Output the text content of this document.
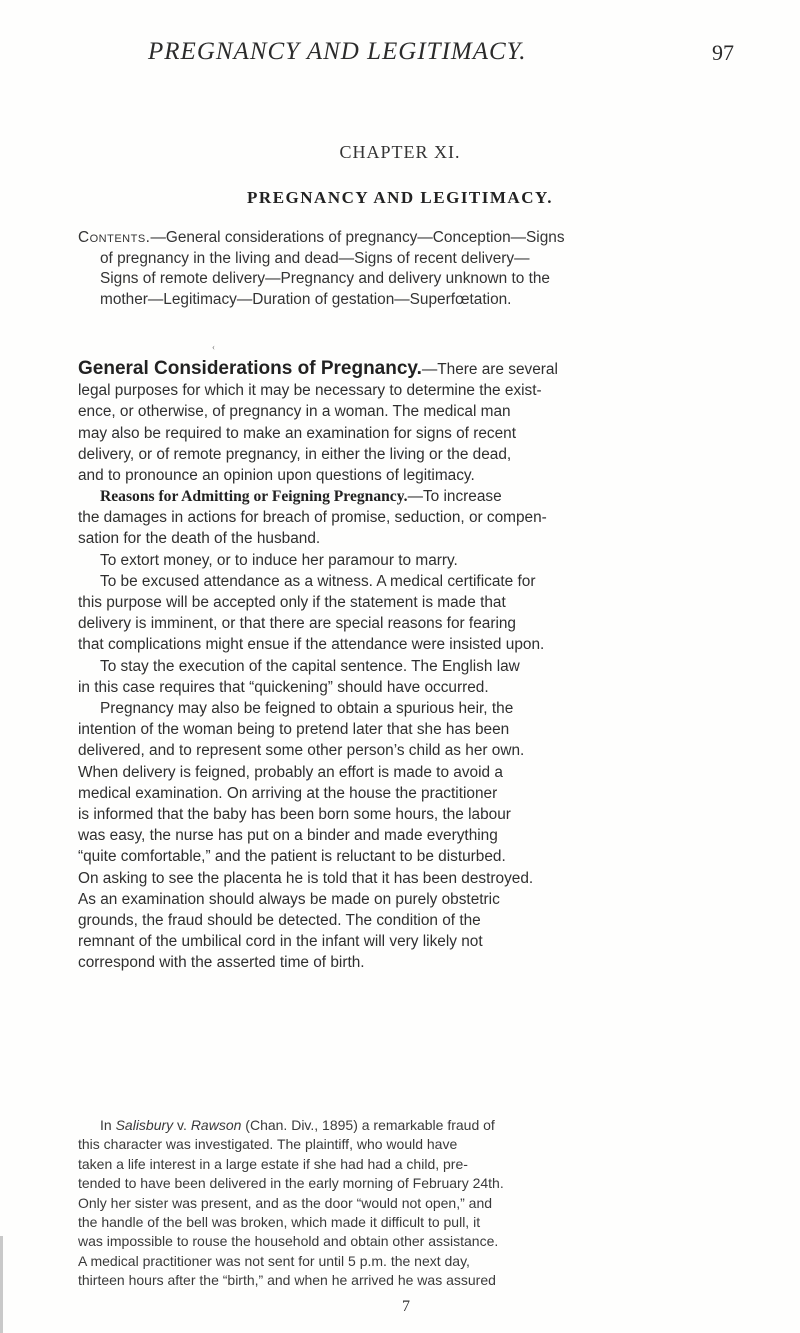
PREGNANCY AND LEGITIMACY.	97
CHAPTER XI.
PREGNANCY AND LEGITIMACY.
Contents.—General considerations of pregnancy—Conception—Signs
of pregnancy in the living and dead—Signs of recent delivery—
Signs of remote delivery—Pregnancy and delivery unknown to the
mother—Legitimacy—Duration of gestation—Superfœtation.
‹
General Considerations of Pregnancy.—There are several
legal purposes for which it may be necessary to determine the exist-
ence, or otherwise, of pregnancy in a woman. The medical man
may also be required to make an examination for signs of recent
delivery, or of remote pregnancy, in either the living or the dead,
and to pronounce an opinion upon questions of legitimacy.
Reasons for Admitting or Feigning Pregnancy.—To increase
the damages in actions for breach of promise, seduction, or compen-
sation for the death of the husband.
To extort money, or to induce her paramour to marry.
To be excused attendance as a witness. A medical certificate for
this purpose will be accepted only if the statement is made that
delivery is imminent, or that there are special reasons for fearing
that complications might ensue if the attendance were insisted upon.
To stay the execution of the capital sentence. The English law
in this case requires that “quickening” should have occurred.
Pregnancy may also be feigned to obtain a spurious heir, the
intention of the woman being to pretend later that she has been
delivered, and to represent some other person’s child as her own.
When delivery is feigned, probably an effort is made to avoid a
medical examination. On arriving at the house the practitioner
is informed that the baby has been born some hours, the labour
was easy, the nurse has put on a binder and made everything
“quite comfortable,” and the patient is reluctant to be disturbed.
On asking to see the placenta he is told that it has been destroyed.
As an examination should always be made on purely obstetric
grounds, the fraud should be detected. The condition of the
remnant of the umbilical cord in the infant will very likely not
correspond with the asserted time of birth.
In Salisbury v. Rawson (Chan. Div., 1895) a remarkable fraud of
this character was investigated. The plaintiff, who would have
taken a life interest in a large estate if she had had a child, pre-
tended to have been delivered in the early morning of February 24th.
Only her sister was present, and as the door “would not open,” and
the handle of the bell was broken, which made it difficult to pull, it
was impossible to rouse the household and obtain other assistance.
A medical practitioner was not sent for until 5 p.m. the next day,
thirteen hours after the “birth,” and when he arrived he was assured
7
